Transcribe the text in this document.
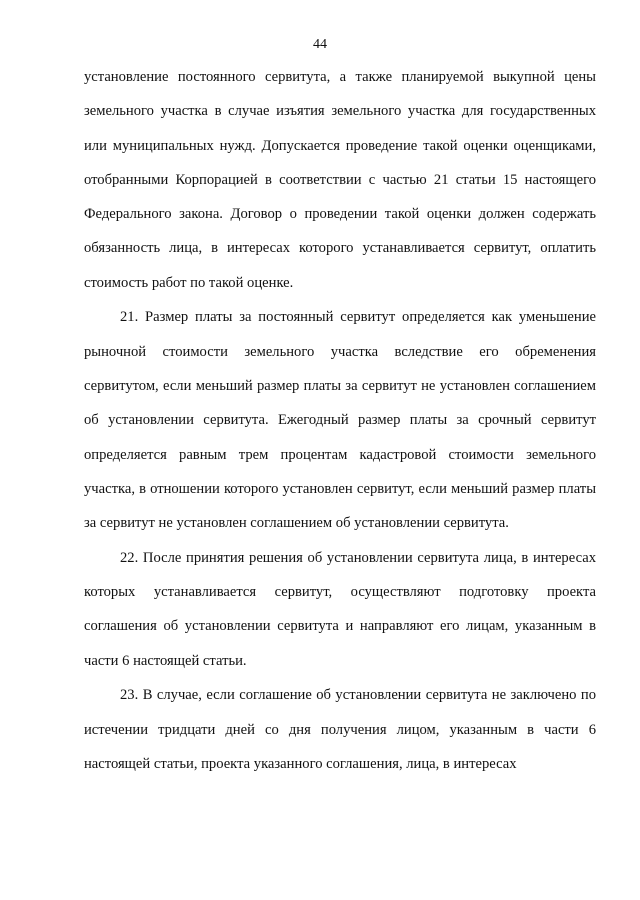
44

установление постоянного сервитута, а также планируемой выкупной цены земельного участка в случае изъятия земельного участка для государственных или муниципальных нужд. Допускается проведение такой оценки оценщиками, отобранными Корпорацией в соответствии с частью 21 статьи 15 настоящего Федерального закона. Договор о проведении такой оценки должен содержать обязанность лица, в интересах которого устанавливается сервитут, оплатить стоимость работ по такой оценке.

21. Размер платы за постоянный сервитут определяется как уменьшение рыночной стоимости земельного участка вследствие его обременения сервитутом, если меньший размер платы за сервитут не установлен соглашением об установлении сервитута. Ежегодный размер платы за срочный сервитут определяется равным трем процентам кадастровой стоимости земельного участка, в отношении которого установлен сервитут, если меньший размер платы за сервитут не установлен соглашением об установлении сервитута.

22. После принятия решения об установлении сервитута лица, в интересах которых устанавливается сервитут, осуществляют подготовку проекта соглашения об установлении сервитута и направляют его лицам, указанным в части 6 настоящей статьи.

23. В случае, если соглашение об установлении сервитута не заключено по истечении тридцати дней со дня получения лицом, указанным в части 6 настоящей статьи, проекта указанного соглашения, лица, в интересах
